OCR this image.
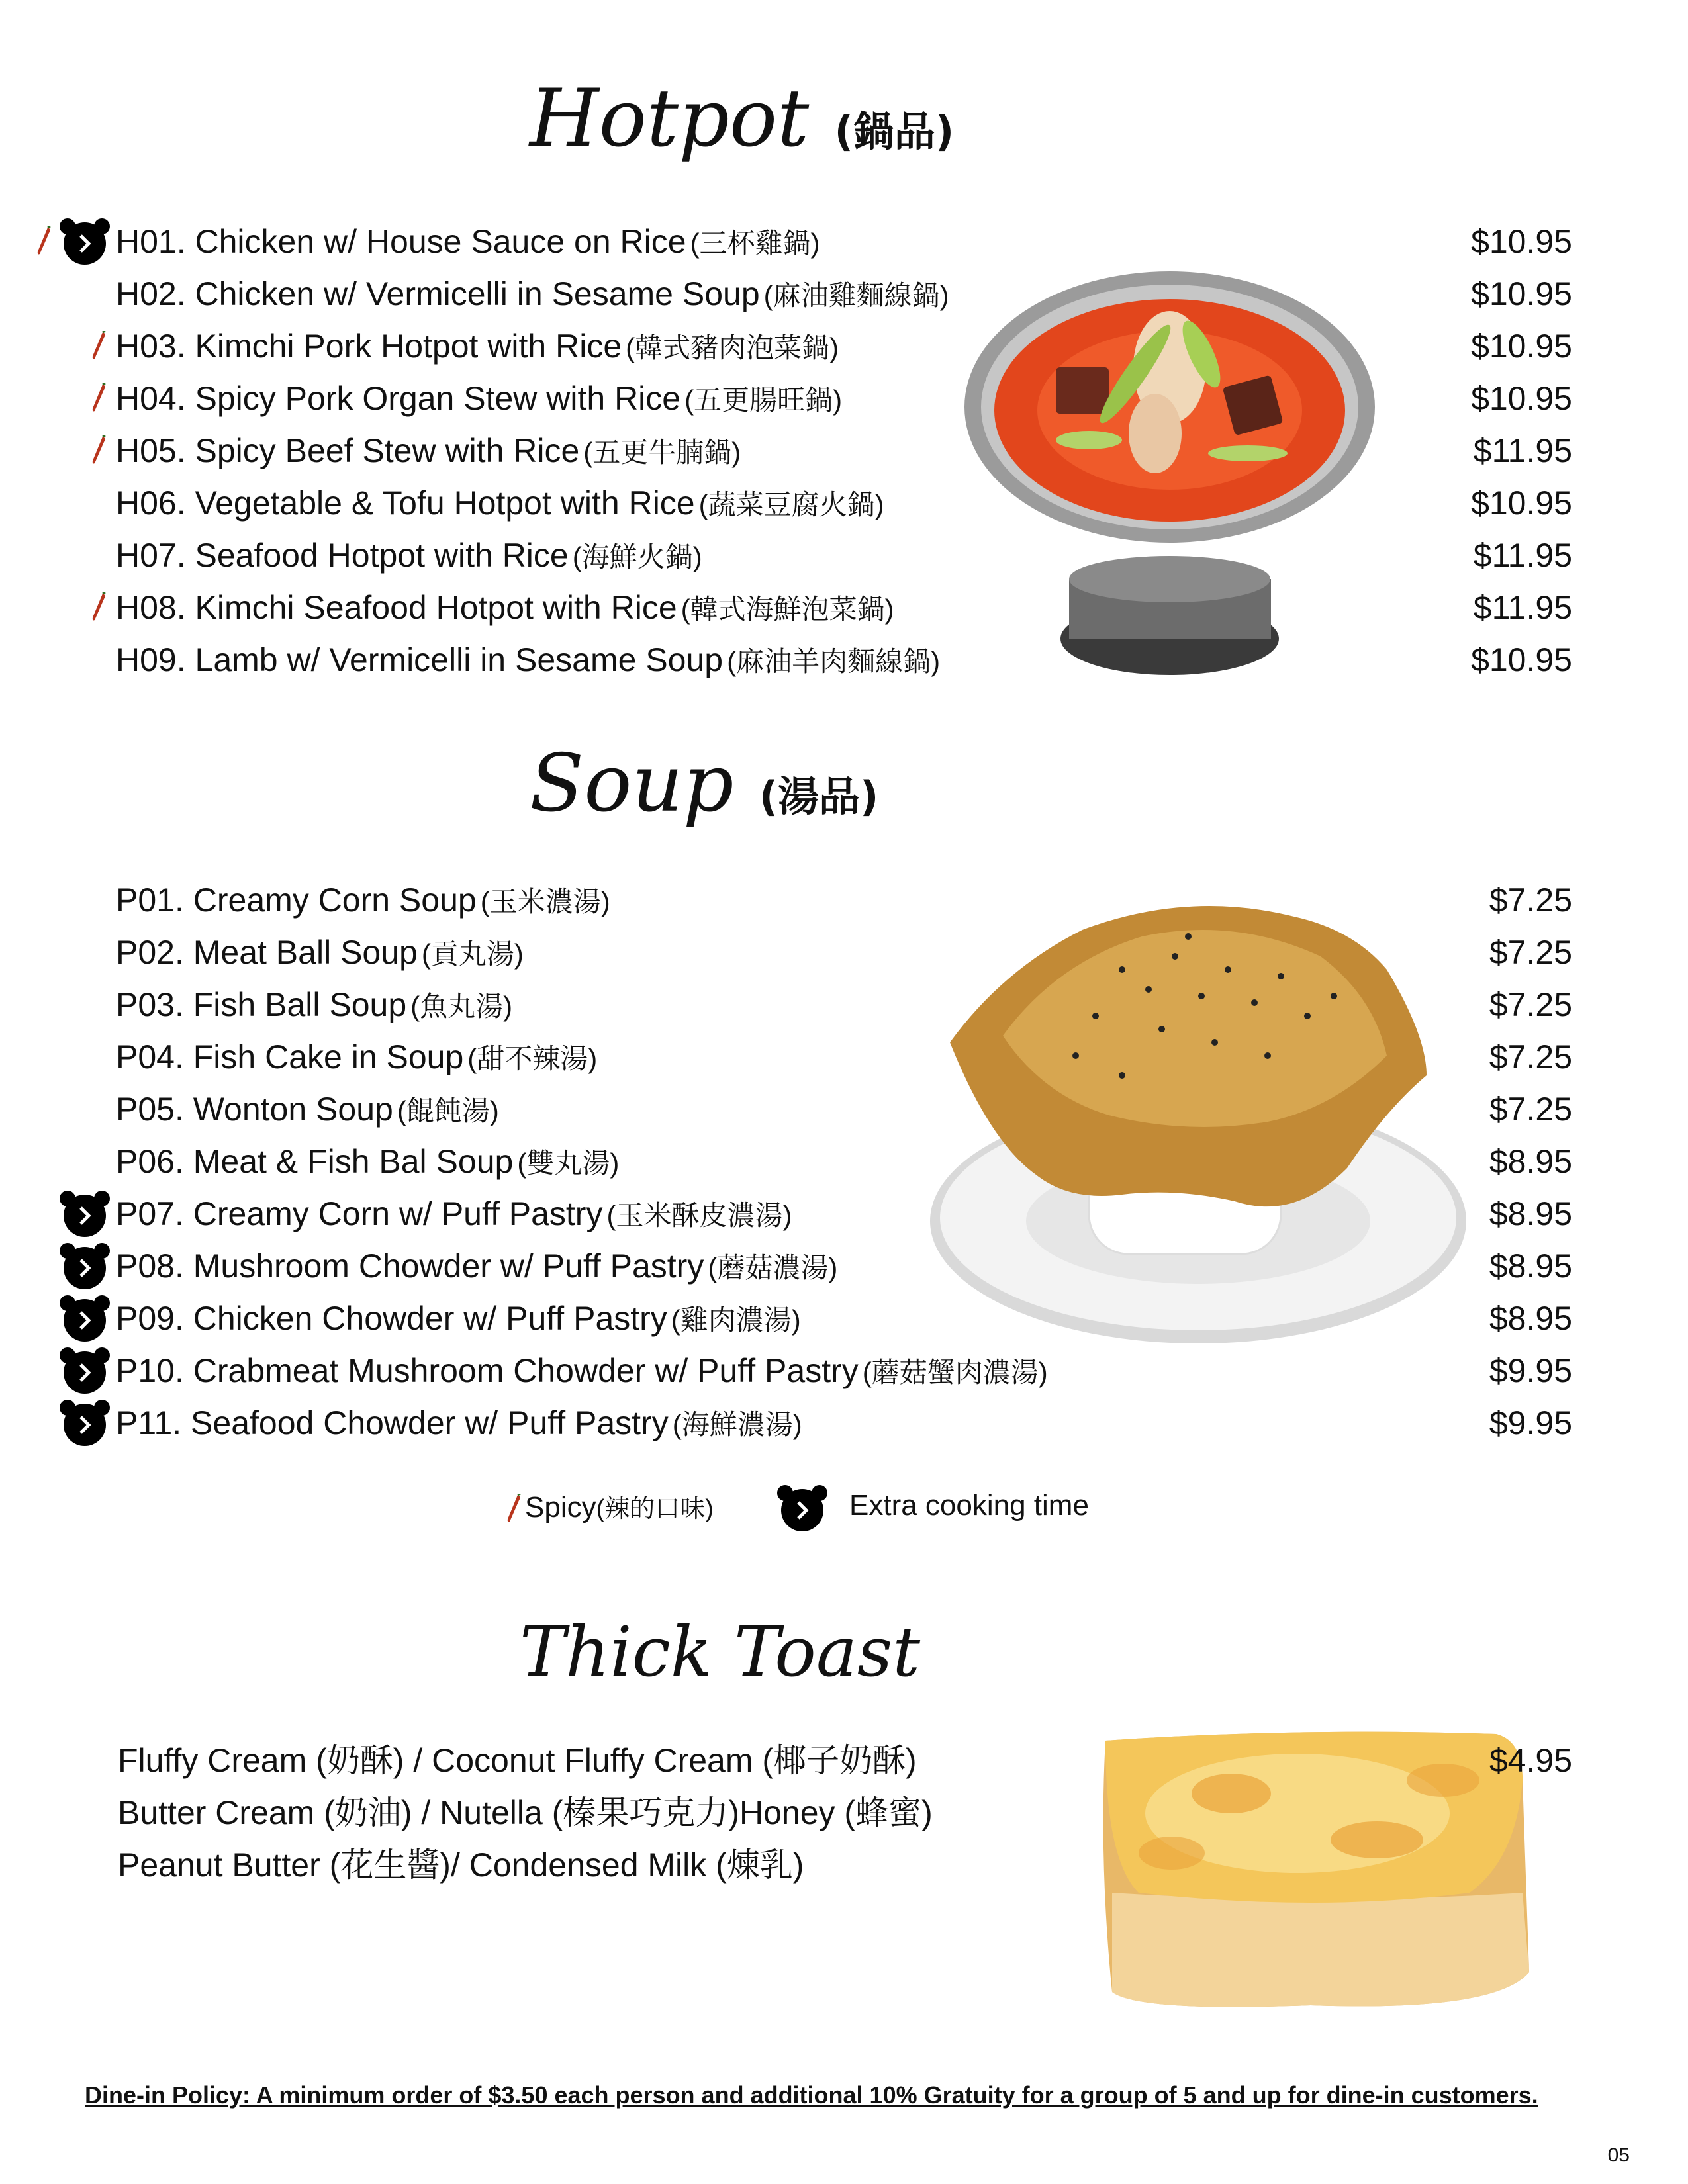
Hotpot (鍋品)
H01. Chicken w/ House Sauce on Rice (三杯雞鍋)	$10.95
H02. Chicken w/ Vermicelli in Sesame Soup (麻油雞麵線鍋)	$10.95
H03. Kimchi Pork Hotpot with Rice (韓式豬肉泡菜鍋)	$10.95
H04. Spicy Pork Organ Stew with Rice (五更腸旺鍋)	$10.95
H05. Spicy Beef Stew with Rice (五更牛腩鍋)	$11.95
H06. Vegetable & Tofu Hotpot with Rice (蔬菜豆腐火鍋)	$10.95
H07. Seafood Hotpot with Rice (海鮮火鍋)	$11.95
H08. Kimchi Seafood Hotpot with Rice (韓式海鮮泡菜鍋)	$11.95
H09. Lamb w/ Vermicelli in Sesame Soup (麻油羊肉麵線鍋)	$10.95
Soup (湯品)
P01. Creamy Corn Soup (玉米濃湯)	$7.25
P02. Meat Ball Soup (貢丸湯)	$7.25
P03. Fish Ball Soup (魚丸湯)	$7.25
P04. Fish Cake in Soup (甜不辣湯)	$7.25
P05. Wonton Soup (餛飩湯)	$7.25
P06. Meat & Fish Bal Soup (雙丸湯)	$8.95
P07. Creamy Corn w/ Puff Pastry (玉米酥皮濃湯)	$8.95
P08. Mushroom Chowder w/ Puff Pastry (蘑菇濃湯)	$8.95
P09. Chicken Chowder w/ Puff Pastry (雞肉濃湯)	$8.95
P10. Crabmeat Mushroom Chowder w/ Puff Pastry (蘑菇蟹肉濃湯)	$9.95
P11. Seafood Chowder w/ Puff Pastry (海鮮濃湯)	$9.95
Spicy(辣的口味)	Extra cooking time
Thick Toast
$4.95
Fluffy Cream (奶酥) / Coconut Fluffy Cream (椰子奶酥)
Butter Cream (奶油) / Nutella (榛果巧克力)Honey (蜂蜜)
Peanut Butter (花生醬)/ Condensed Milk (煉乳)
Dine-in Policy: A minimum order of $3.50 each person and additional 10% Gratuity for a group of 5 and up for dine-in customers.
05
